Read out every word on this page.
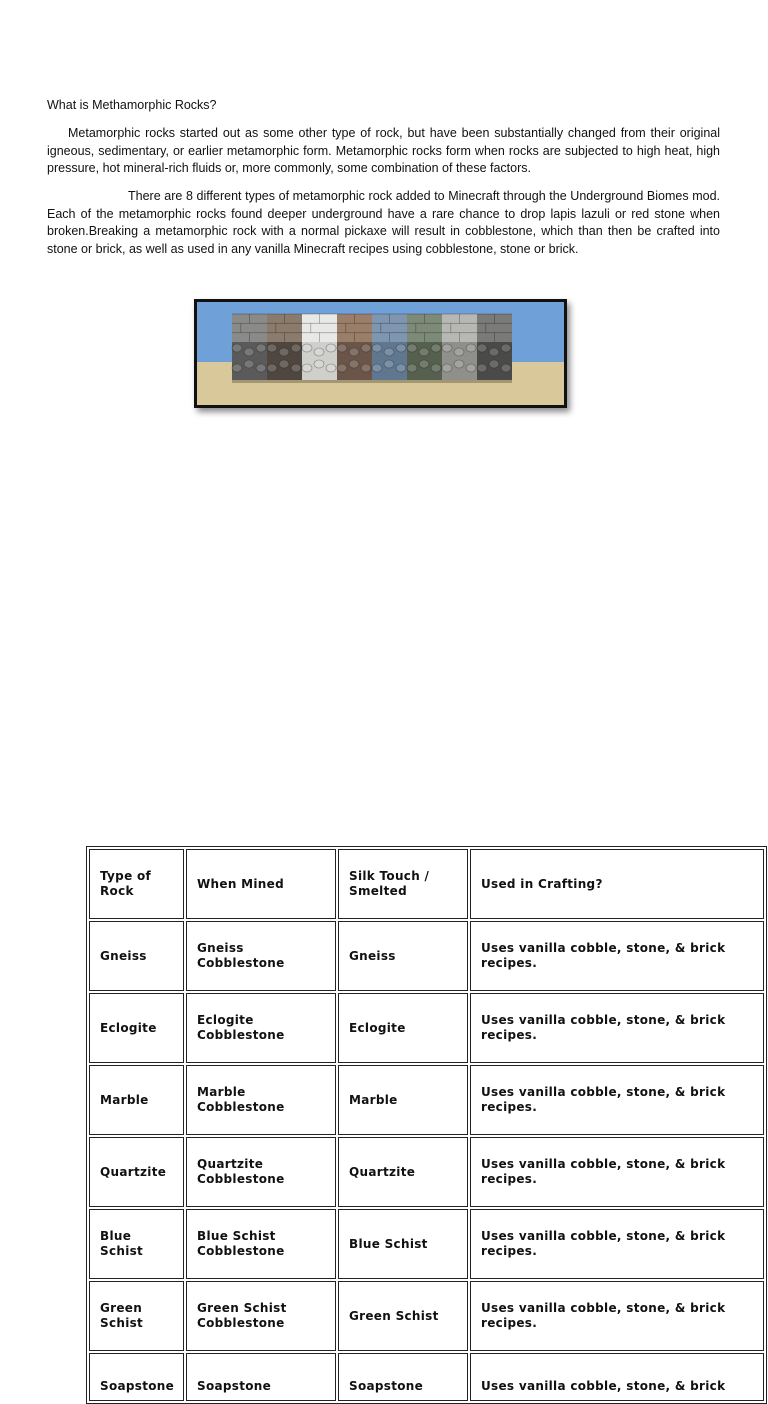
What is Methamorphic Rocks?

Metamorphic rocks started out as some other type of rock, but have been substantially changed from their original igneous, sedimentary, or earlier metamorphic form. Metamorphic rocks form when rocks are subjected to high heat, high pressure, hot mineral-rich fluids or, more commonly, some combination of these factors.

There are 8 different types of metamorphic rock added to Minecraft through the Underground Biomes mod. Each of the metamorphic rocks found deeper underground have a rare chance to drop lapis lazuli or red stone when broken.Breaking a metamorphic rock with a normal pickaxe will result in cobblestone, which than then be crafted into stone or brick, as well as used in any vanilla Minecraft recipes using cobblestone, stone or brick.

Type of Rock	When Mined	Silk Touch / Smelted	Used in Crafting?
Gneiss	Gneiss Cobblestone	Gneiss	Uses vanilla cobble, stone, & brick recipes.
Eclogite	Eclogite Cobblestone	Eclogite	Uses vanilla cobble, stone, & brick recipes.
Marble	Marble Cobblestone	Marble	Uses vanilla cobble, stone, & brick recipes.
Quartzite	Quartzite Cobblestone	Quartzite	Uses vanilla cobble, stone, & brick recipes.
Blue Schist	Blue Schist Cobblestone	Blue Schist	Uses vanilla cobble, stone, & brick recipes.
Green Schist	Green Schist Cobblestone	Green Schist	Uses vanilla cobble, stone, & brick recipes.
Soapstone	Soapstone	Soapstone	Uses vanilla cobble, stone, & brick
